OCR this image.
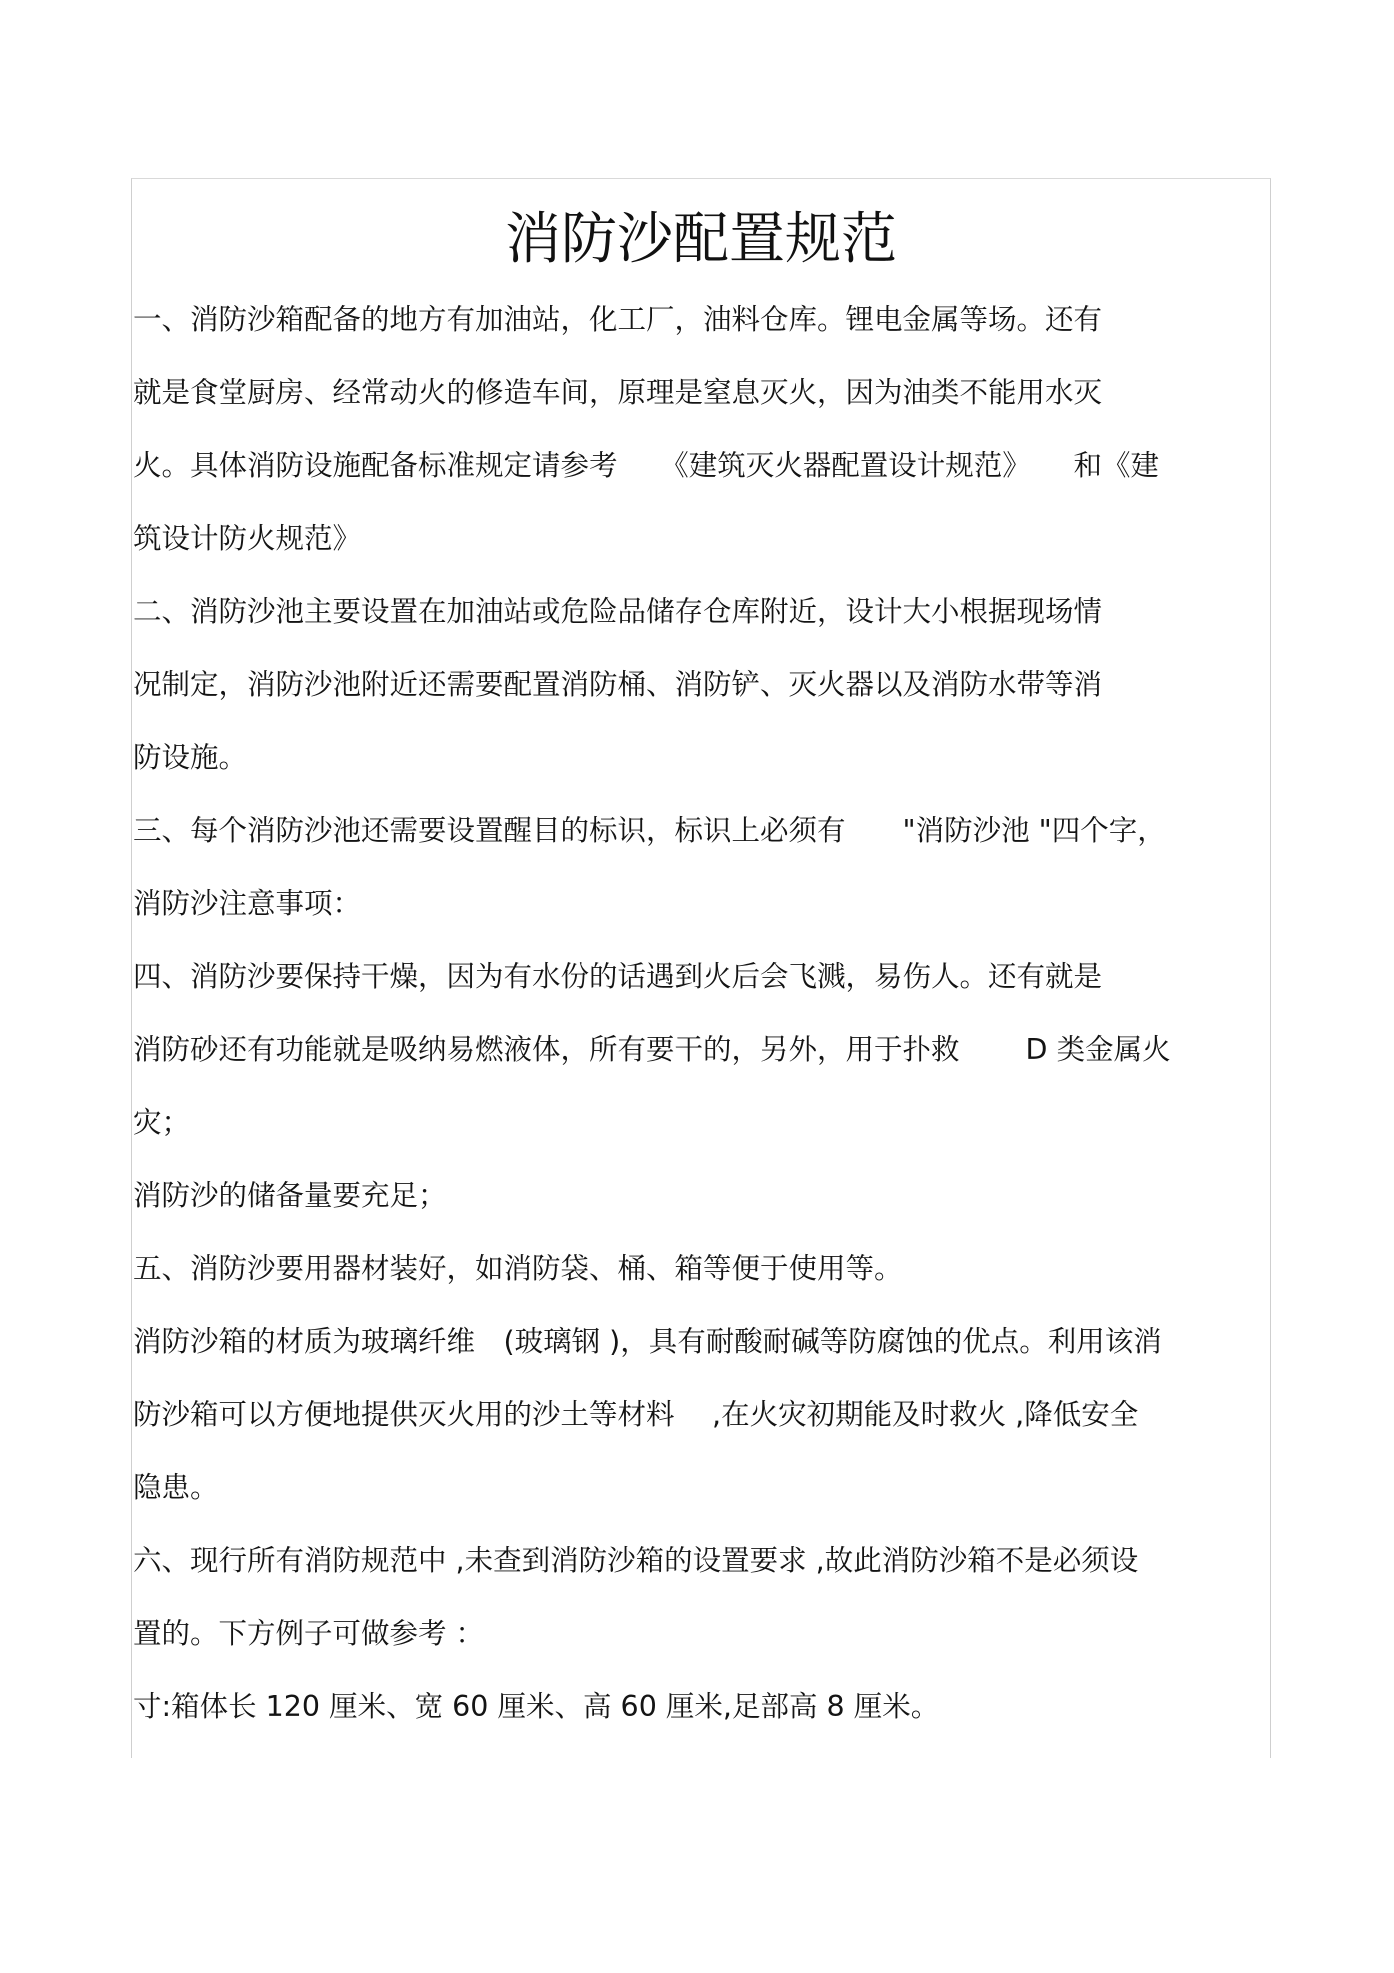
消防沙配置规范
一、消防沙箱配备的地方有加油站，化工厂，油料仓库。锂电金属等场。还有
就是食堂厨房、经常动火的修造车间，原理是窒息灭火，因为油类不能用水灭
火。具体消防设施配备标准规定请参考　　《建筑灭火器配置设计规范》　　和《建
筑设计防火规范》
二、消防沙池主要设置在加油站或危险品储存仓库附近，设计大小根据现场情
况制定，消防沙池附近还需要配置消防桶、消防铲、灭火器以及消防水带等消
防设施。
三、每个消防沙池还需要设置醒目的标识，标识上必须有　　"消防沙池 "四个字，
消防沙注意事项：
四、消防沙要保持干燥，因为有水份的话遇到火后会飞溅，易伤人。还有就是
消防砂还有功能就是吸纳易燃液体，所有要干的，另外，用于扑救　　 D 类金属火
灾；
消防沙的储备量要充足；
五、消防沙要用器材装好，如消防袋、桶、箱等便于使用等。
消防沙箱的材质为玻璃纤维　(玻璃钢 )，具有耐酸耐碱等防腐蚀的优点。利用该消
防沙箱可以方便地提供灭火用的沙土等材料　 ,在火灾初期能及时救火 ,降低安全
隐患。
六、现行所有消防规范中 ,未查到消防沙箱的设置要求 ,故此消防沙箱不是必须设
置的。下方例子可做参考 ：
寸:箱体长 120 厘米、宽 60 厘米、高 60 厘米,足部高 8 厘米。
